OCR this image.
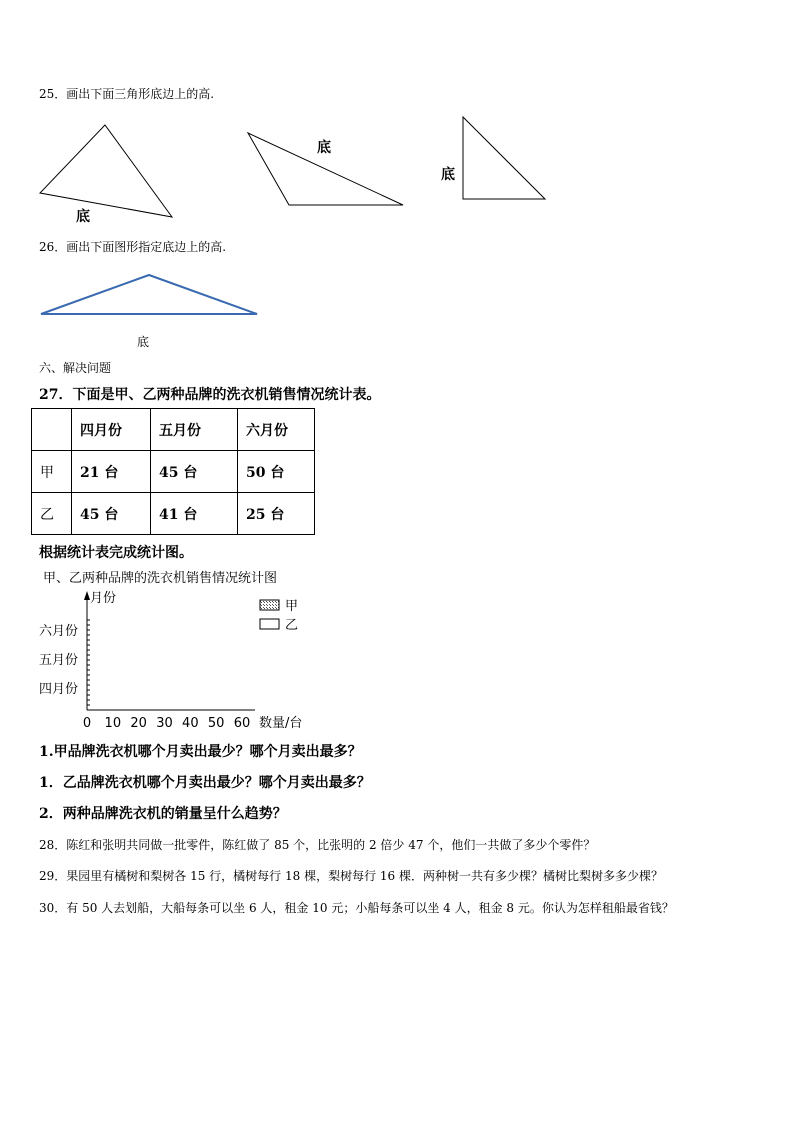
25．画出下面三角形底边上的高.
底
底
底
26．画出下面图形指定底边上的高.
底
六、解决问题
27．下面是甲、乙两种品牌的洗衣机销售情况统计表。
	四月份	五月份	六月份
甲	21 台	45 台	50 台
乙	45 台	41 台	25 台
根据统计表完成统计图。
甲、乙两种品牌的洗衣机销售情况统计图
月份
数量/台
四月份
五月份
六月份
0 10 20 30 40 50 60
甲
乙
1.甲品牌洗衣机哪个月卖出最少？哪个月卖出最多？
1．乙品牌洗衣机哪个月卖出最少？哪个月卖出最多？
2．两种品牌洗衣机的销量呈什么趋势？
28．陈红和张明共同做一批零件，陈红做了 85 个，比张明的 2 倍少 47 个，他们一共做了多少个零件？
29．果园里有橘树和梨树各 15 行，橘树每行 18 棵，梨树每行 16 棵．两种树一共有多少棵？橘树比梨树多多少棵？
30．有 50 人去划船，大船每条可以坐 6 人，租金 10 元；小船每条可以坐 4 人，租金 8 元。你认为怎样租船最省钱？
